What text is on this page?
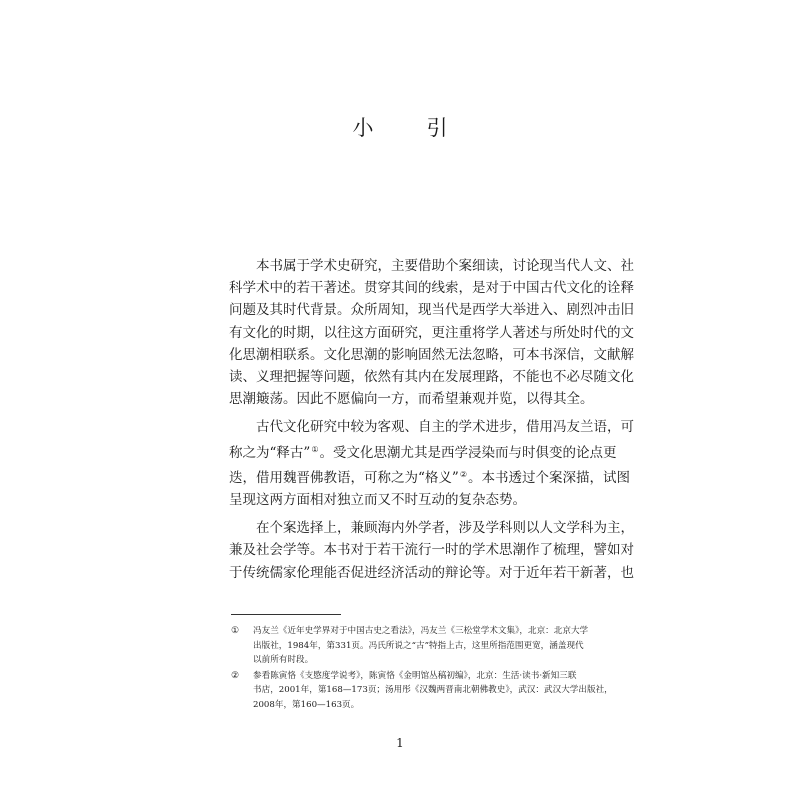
小　引

本书属于学术史研究，主要借助个案细读，讨论现当代人文、社
科学术中的若干著述。贯穿其间的线索，是对于中国古代文化的诠释
问题及其时代背景。众所周知，现当代是西学大举进入、剧烈冲击旧
有文化的时期，以往这方面研究，更注重将学人著述与所处时代的文
化思潮相联系。文化思潮的影响固然无法忽略，可本书深信，文献解
读、义理把握等问题，依然有其内在发展理路，不能也不必尽随文化
思潮簸荡。因此不愿偏向一方，而希望兼观并览，以得其全。

古代文化研究中较为客观、自主的学术进步，借用冯友兰语，可
称之为“释古”①。受文化思潮尤其是西学浸染而与时俱变的论点更
迭，借用魏晋佛教语，可称之为“格义”②。本书透过个案深描，试图
呈现这两方面相对独立而又不时互动的复杂态势。

在个案选择上，兼顾海内外学者，涉及学科则以人文学科为主，
兼及社会学等。本书对于若干流行一时的学术思潮作了梳理，譬如对
于传统儒家伦理能否促进经济活动的辩论等。对于近年若干新著，也

①	冯友兰《近年史学界对于中国古史之看法》，冯友兰《三松堂学术文集》，北京：北京大学
出版社，1984年，第331页。冯氏所说之“古”特指上古，这里所指范围更宽，涵盖现代
以前所有时段。
②	参看陈寅恪《支愍度学说考》，陈寅恪《金明馆丛稿初编》，北京：生活·读书·新知三联
书店，2001年，第168—173页；汤用彤《汉魏两晋南北朝佛教史》，武汉：武汉大学出版社，
2008年，第160—163页。
1
